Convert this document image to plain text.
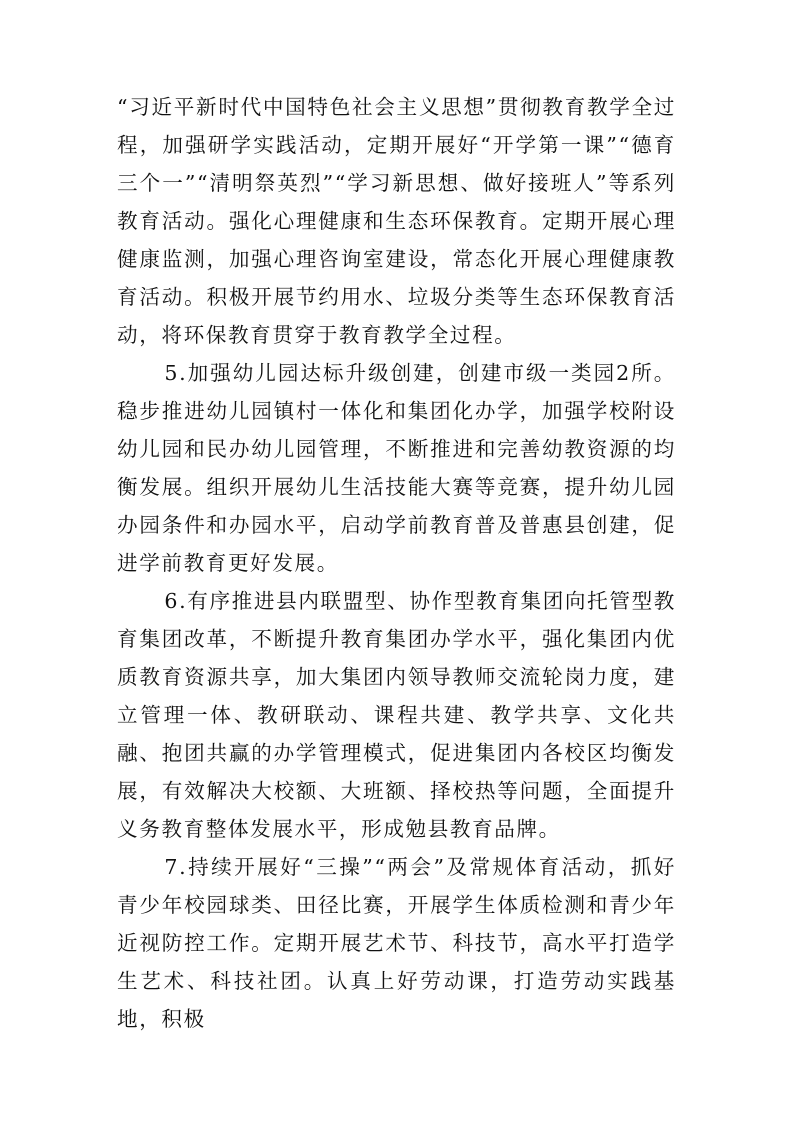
“习近平新时代中国特色社会主义思想”贯彻教育教学全过程，加强研学实践活动，定期开展好“开学第一课”“德育三个一”“清明祭英烈”“学习新思想、做好接班人”等系列教育活动。强化心理健康和生态环保教育。定期开展心理健康监测，加强心理咨询室建设，常态化开展心理健康教育活动。积极开展节约用水、垃圾分类等生态环保教育活动，将环保教育贯穿于教育教学全过程。

5.加强幼儿园达标升级创建，创建市级一类园2所。稳步推进幼儿园镇村一体化和集团化办学，加强学校附设幼儿园和民办幼儿园管理，不断推进和完善幼教资源的均衡发展。组织开展幼儿生活技能大赛等竞赛，提升幼儿园办园条件和办园水平，启动学前教育普及普惠县创建，促进学前教育更好发展。

6.有序推进县内联盟型、协作型教育集团向托管型教育集团改革，不断提升教育集团办学水平，强化集团内优质教育资源共享，加大集团内领导教师交流轮岗力度，建立管理一体、教研联动、课程共建、教学共享、文化共融、抱团共赢的办学管理模式，促进集团内各校区均衡发展，有效解决大校额、大班额、择校热等问题，全面提升义务教育整体发展水平，形成勉县教育品牌。

7.持续开展好“三操”“两会”及常规体育活动，抓好青少年校园球类、田径比赛，开展学生体质检测和青少年近视防控工作。定期开展艺术节、科技节，高水平打造学生艺术、科技社团。认真上好劳动课，打造劳动实践基地，积极
